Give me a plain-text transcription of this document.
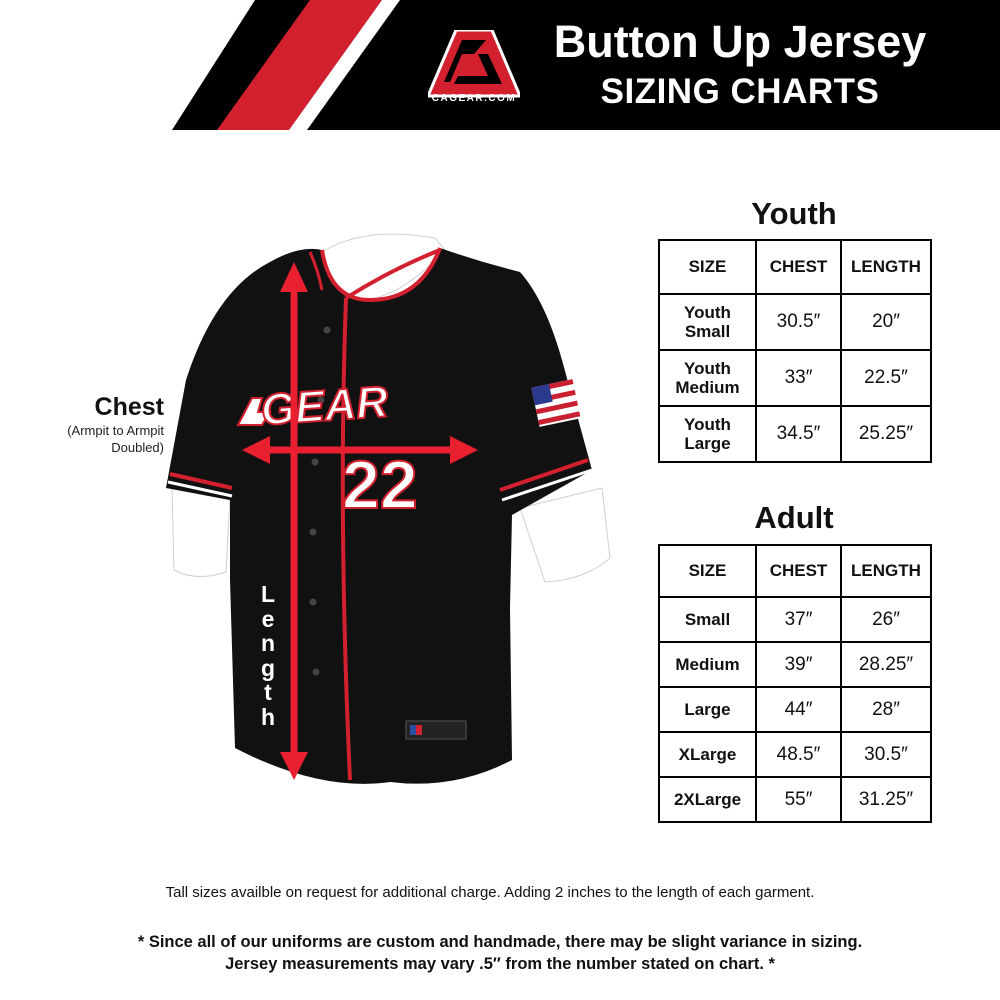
CAGEAR.COM
Button Up Jersey
SIZING CHARTS
Chest
(Armpit to Armpit
Doubled)
GEAR
22
L
e
n
g
t
h
Youth
SIZE	CHEST	LENGTH
Youth
Small	30.5″	20″
Youth
Medium	33″	22.5″
Youth
Large	34.5″	25.25″
Adult
SIZE	CHEST	LENGTH
Small	37″	26″
Medium	39″	28.25″
Large	44″	28″
XLarge	48.5″	30.5″
2XLarge	55″	31.25″
Tall sizes availble on request for additional charge. Adding 2 inches to the length of each garment.
* Since all of our uniforms are custom and handmade, there may be slight variance in sizing.
Jersey measurements may vary .5″ from the number stated on chart. *
